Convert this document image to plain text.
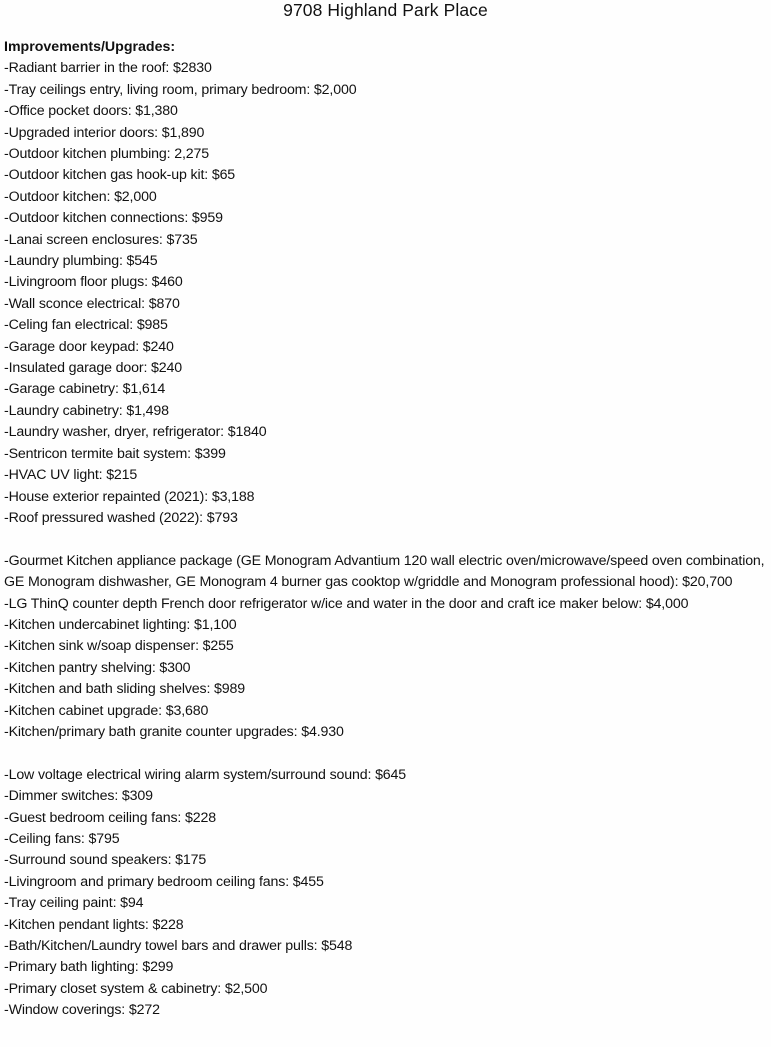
9708 Highland Park Place
Improvements/Upgrades:
-Radiant barrier in the roof: $2830
-Tray ceilings entry, living room, primary bedroom: $2,000
-Office pocket doors: $1,380
-Upgraded interior doors: $1,890
-Outdoor kitchen plumbing: 2,275
-Outdoor kitchen gas hook-up kit: $65
-Outdoor kitchen: $2,000
-Outdoor kitchen connections: $959
-Lanai screen enclosures: $735
-Laundry plumbing: $545
-Livingroom floor plugs: $460
-Wall sconce electrical: $870
-Celing fan electrical: $985
-Garage door keypad: $240
-Insulated garage door: $240
-Garage cabinetry: $1,614
-Laundry cabinetry: $1,498
-Laundry washer, dryer, refrigerator: $1840
-Sentricon termite bait system: $399
-HVAC UV light: $215
-House exterior repainted (2021): $3,188
-Roof pressured washed (2022): $793
-Gourmet Kitchen appliance package (GE Monogram Advantium 120 wall electric oven/microwave/speed oven combination, GE Monogram dishwasher, GE Monogram 4 burner gas cooktop w/griddle and Monogram professional hood): $20,700
-LG ThinQ counter depth French door refrigerator w/ice and water in the door and craft ice maker below: $4,000
-Kitchen undercabinet lighting: $1,100
-Kitchen sink w/soap dispenser: $255
-Kitchen pantry shelving: $300
-Kitchen and bath sliding shelves: $989
-Kitchen cabinet upgrade: $3,680
-Kitchen/primary bath granite counter upgrades: $4.930
-Low voltage electrical wiring alarm system/surround sound: $645
-Dimmer switches: $309
-Guest bedroom ceiling fans: $228
-Ceiling fans: $795
-Surround sound speakers: $175
-Livingroom and primary bedroom ceiling fans: $455
-Tray ceiling paint: $94
-Kitchen pendant lights: $228
-Bath/Kitchen/Laundry towel bars and drawer pulls: $548
-Primary bath lighting: $299
-Primary closet system & cabinetry: $2,500
-Window coverings: $272
